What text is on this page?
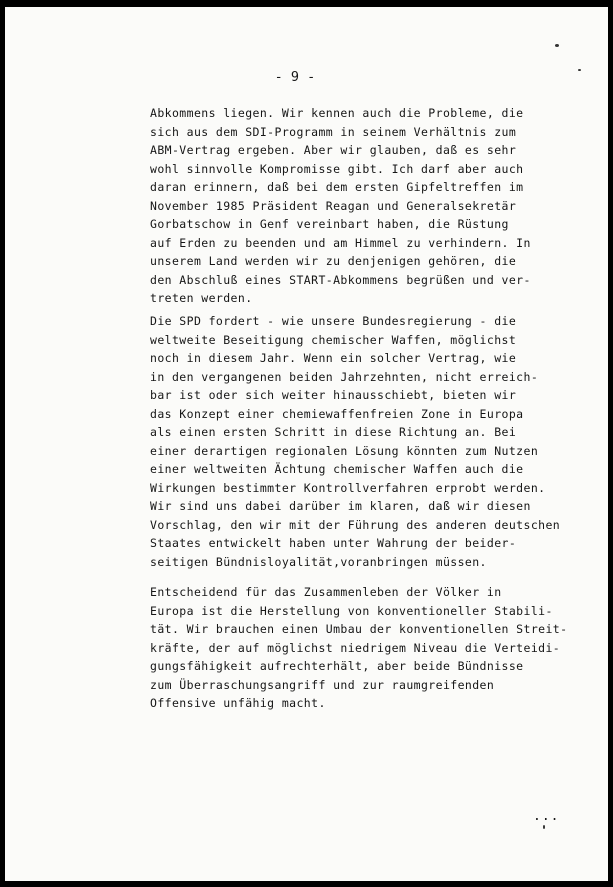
- 9 -
Abkommens liegen. Wir kennen auch die Probleme, die
sich aus dem SDI-Programm in seinem Verhältnis zum
ABM-Vertrag ergeben. Aber wir glauben, daß es sehr
wohl sinnvolle Kompromisse gibt. Ich darf aber auch
daran erinnern, daß bei dem ersten Gipfeltreffen im
November 1985 Präsident Reagan und Generalsekretär
Gorbatschow in Genf vereinbart haben, die Rüstung
auf Erden zu beenden und am Himmel zu verhindern. In
unserem Land werden wir zu denjenigen gehören, die
den Abschluß eines START-Abkommens begrüßen und ver-
treten werden.
Die SPD fordert - wie unsere Bundesregierung - die
weltweite Beseitigung chemischer Waffen, möglichst
noch in diesem Jahr. Wenn ein solcher Vertrag, wie
in den vergangenen beiden Jahrzehnten, nicht erreich-
bar ist oder sich weiter hinausschiebt, bieten wir
das Konzept einer chemiewaffenfreien Zone in Europa
als einen ersten Schritt in diese Richtung an. Bei
einer derartigen regionalen Lösung könnten zum Nutzen
einer weltweiten Ächtung chemischer Waffen auch die
Wirkungen bestimmter Kontrollverfahren erprobt werden.
Wir sind uns dabei darüber im klaren, daß wir diesen
Vorschlag, den wir mit der Führung des anderen deutschen
Staates entwickelt haben unter Wahrung der beider-
seitigen Bündnisloyalität,voranbringen müssen.
Entscheidend für das Zusammenleben der Völker in
Europa ist die Herstellung von konventioneller Stabili-
tät. Wir brauchen einen Umbau der konventionellen Streit-
kräfte, der auf möglichst niedrigem Niveau die Verteidi-
gungsfähigkeit aufrechterhält, aber beide Bündnisse
zum Überraschungsangriff und zur raumgreifenden
Offensive unfähig macht.
...
